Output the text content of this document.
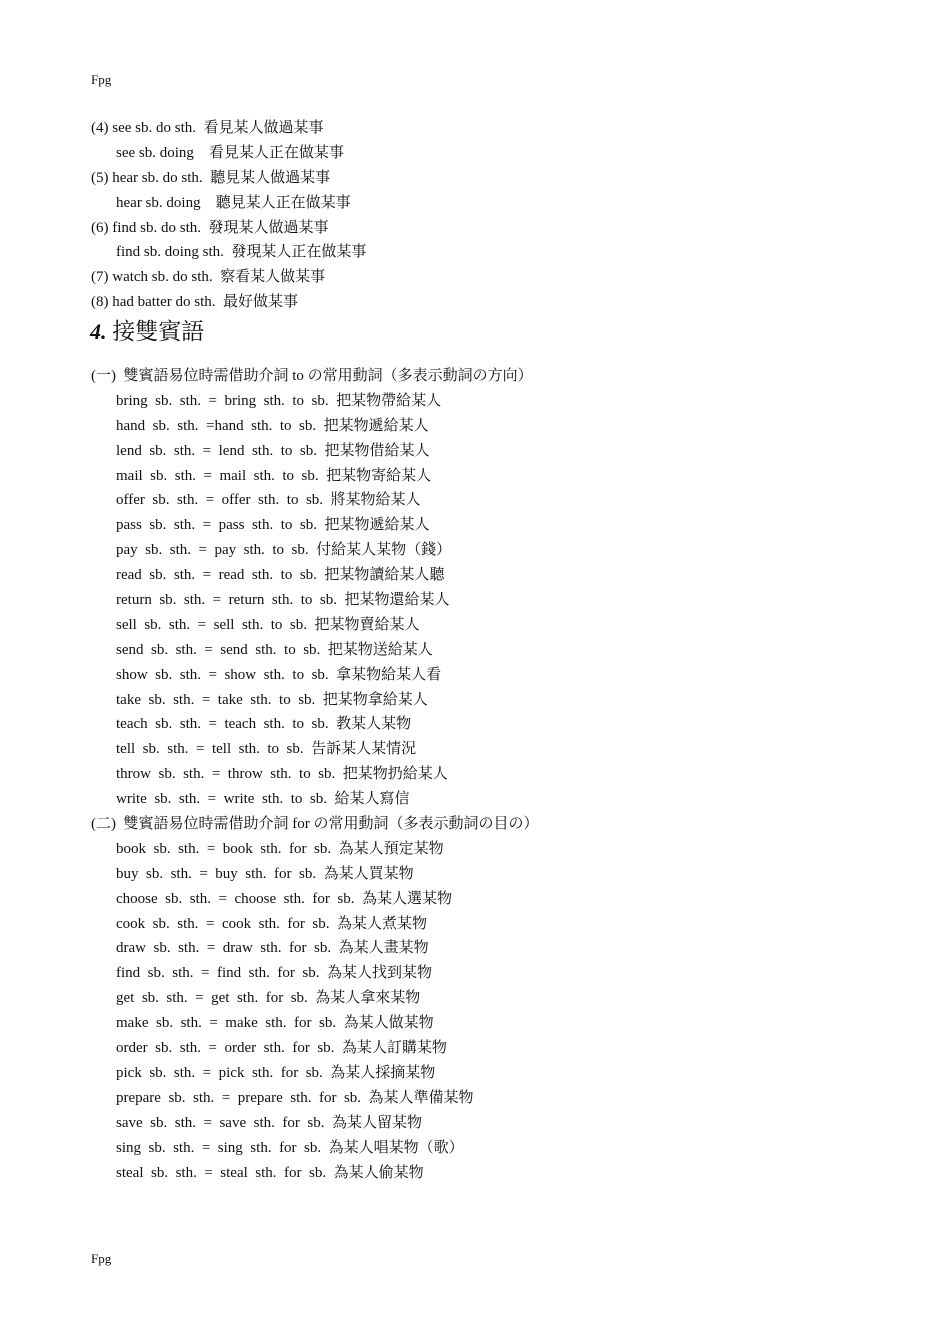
Fpg
(4) see sb. do sth.  看見某人做過某事
see sb. doing    看見某人正在做某事
(5) hear sb. do sth.  聽見某人做過某事
hear sb. doing    聽見某人正在做某事
(6) find sb. do sth.  發現某人做過某事
find sb. doing sth.  發現某人正在做某事
(7) watch sb. do sth.  察看某人做某事
(8) had batter do sth.  最好做某事
4. 接雙賓語
(一)  雙賓語易位時需借助介詞 to の常用動詞（多表示動詞の方向）
bring  sb.  sth.  =  bring  sth.  to  sb.  把某物帶給某人
hand  sb.  sth.  =hand  sth.  to  sb.  把某物遞給某人
lend  sb.  sth.  =  lend  sth.  to  sb.  把某物借給某人
mail  sb.  sth.  =  mail  sth.  to  sb.  把某物寄給某人
offer  sb.  sth.  =  offer  sth.  to  sb.  將某物給某人
pass  sb.  sth.  =  pass  sth.  to  sb.  把某物遞給某人
pay  sb.  sth.  =  pay  sth.  to  sb.  付給某人某物（錢）
read  sb.  sth.  =  read  sth.  to  sb.  把某物讀給某人聽
return  sb.  sth.  =  return  sth.  to  sb.  把某物還給某人
sell  sb.  sth.  =  sell  sth.  to  sb.  把某物賣給某人
send  sb.  sth.  =  send  sth.  to  sb.  把某物送給某人
show  sb.  sth.  =  show  sth.  to  sb.  拿某物給某人看
take  sb.  sth.  =  take  sth.  to  sb.  把某物拿給某人
teach  sb.  sth.  =  teach  sth.  to  sb.  教某人某物
tell  sb.  sth.  =  tell  sth.  to  sb.  告訴某人某情況
throw  sb.  sth.  =  throw  sth.  to  sb.  把某物扔給某人
write  sb.  sth.  =  write  sth.  to  sb.  給某人寫信
(二)  雙賓語易位時需借助介詞 for の常用動詞（多表示動詞の目の）
book  sb.  sth.  =  book  sth.  for  sb.  為某人預定某物
buy  sb.  sth.  =  buy  sth.  for  sb.  為某人買某物
choose  sb.  sth.  =  choose  sth.  for  sb.  為某人選某物
cook  sb.  sth.  =  cook  sth.  for  sb.  為某人煮某物
draw  sb.  sth.  =  draw  sth.  for  sb.  為某人畫某物
find  sb.  sth.  =  find  sth.  for  sb.  為某人找到某物
get  sb.  sth.  =  get  sth.  for  sb.  為某人拿來某物
make  sb.  sth.  =  make  sth.  for  sb.  為某人做某物
order  sb.  sth.  =  order  sth.  for  sb.  為某人訂購某物
pick  sb.  sth.  =  pick  sth.  for  sb.  為某人採摘某物
prepare  sb.  sth.  =  prepare  sth.  for  sb.  為某人準備某物
save  sb.  sth.  =  save  sth.  for  sb.  為某人留某物
sing  sb.  sth.  =  sing  sth.  for  sb.  為某人唱某物（歌）
steal  sb.  sth.  =  steal  sth.  for  sb.  為某人偷某物
Fpg
